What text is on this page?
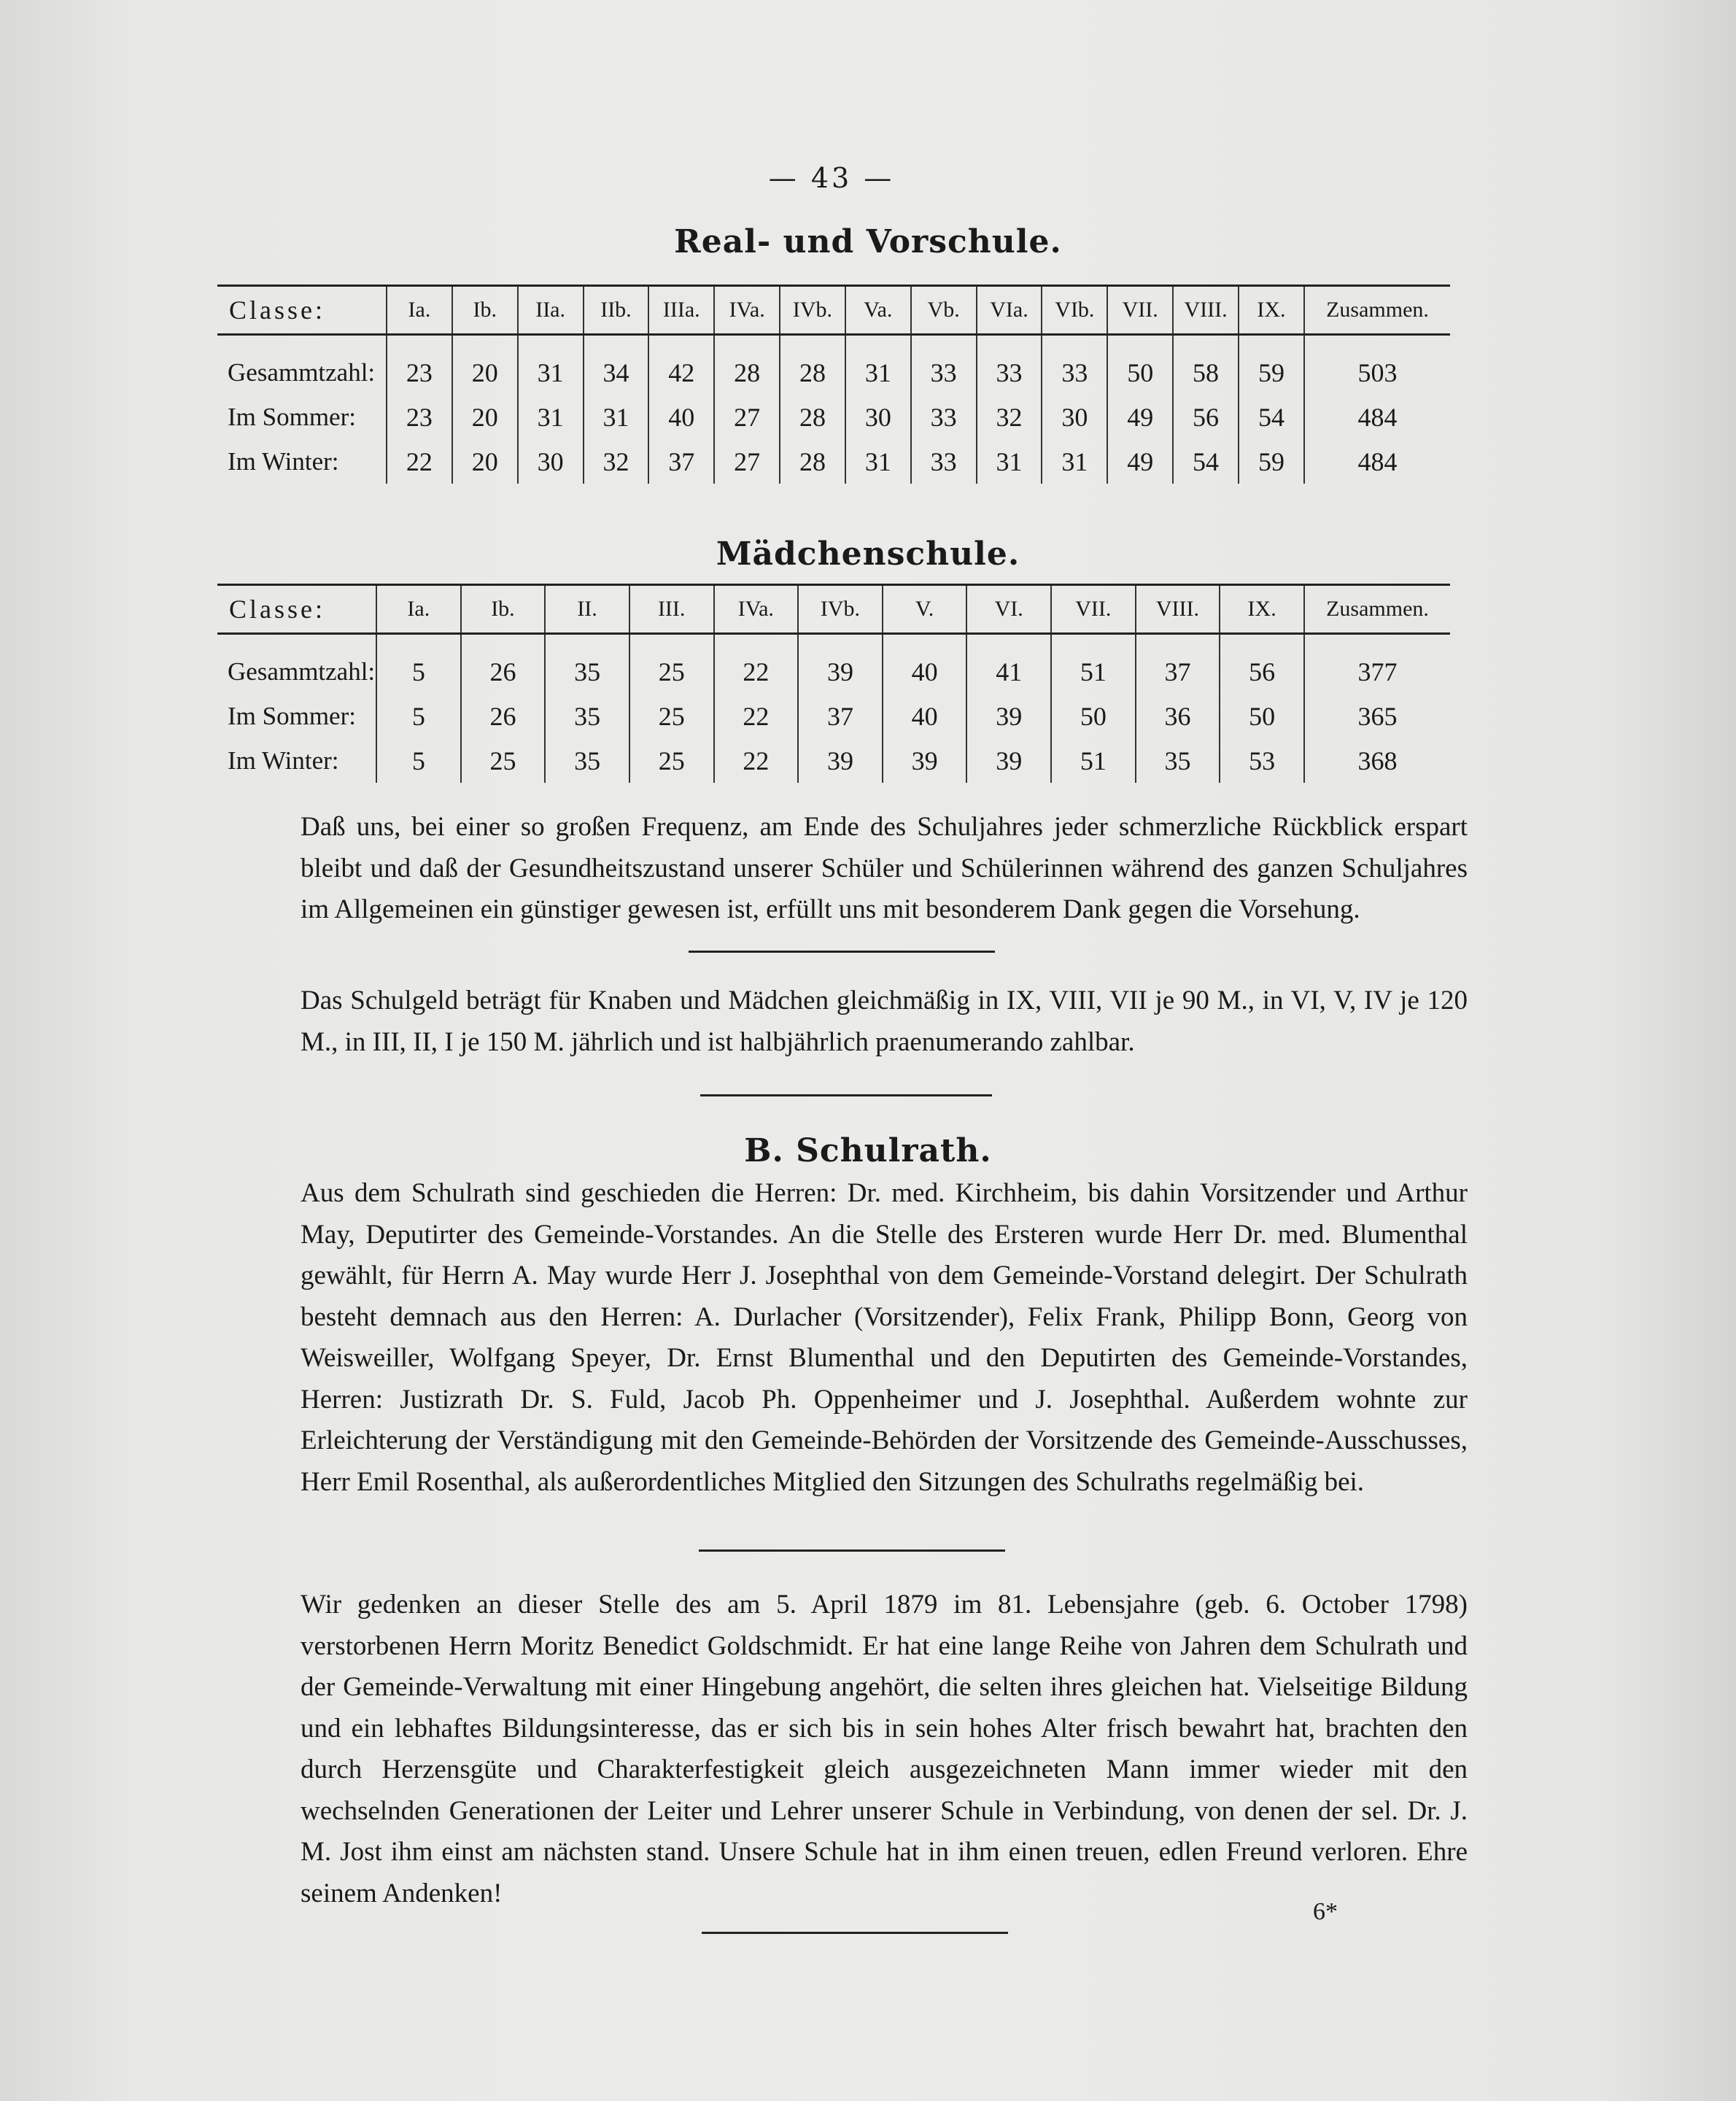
— 43 —
Real- und Vorschule.
Classe:	Ia.	Ib.	IIa.	IIb.	IIIa.	IVa.	IVb.	Va.	Vb.	VIa.	VIb.	VII.	VIII.	IX.	Zusammen.
Gesammtzahl:	23	20	31	34	42	28	28	31	33	33	33	50	58	59	503
Im Sommer:	23	20	31	31	40	27	28	30	33	32	30	49	56	54	484
Im Winter:	22	20	30	32	37	27	28	31	33	31	31	49	54	59	484
Mädchenschule.
Classe:	Ia.	Ib.	II.	III.	IVa.	IVb.	V.	VI.	VII.	VIII.	IX.	Zusammen.
Gesammtzahl:	5	26	35	25	22	39	40	41	51	37	56	377
Im Sommer:	5	26	35	25	22	37	40	39	50	36	50	365
Im Winter:	5	25	35	25	22	39	39	39	51	35	53	368

Daß uns, bei einer so großen Frequenz, am Ende des Schuljahres jeder schmerzliche Rückblick erspart bleibt und daß der Gesundheitszustand unserer Schüler und Schülerinnen während des ganzen Schuljahres im Allgemeinen ein günstiger gewesen ist, erfüllt uns mit besonderem Dank gegen die Vorsehung.

Das Schulgeld beträgt für Knaben und Mädchen gleichmäßig in IX, VIII, VII je 90 M., in VI, V, IV je 120 M., in III, II, I je 150 M. jährlich und ist halbjährlich praenumerando zahlbar.

B. Schulrath.

Aus dem Schulrath sind geschieden die Herren: Dr. med. Kirchheim, bis dahin Vorsitzender und Arthur May, Deputirter des Gemeinde-Vorstandes. An die Stelle des Ersteren wurde Herr Dr. med. Blumenthal gewählt, für Herrn A. May wurde Herr J. Josephthal von dem Gemeinde-Vorstand delegirt. Der Schulrath besteht demnach aus den Herren: A. Durlacher (Vorsitzender), Felix Frank, Philipp Bonn, Georg von Weisweiller, Wolfgang Speyer, Dr. Ernst Blumenthal und den Deputirten des Gemeinde-Vorstandes, Herren: Justizrath Dr. S. Fuld, Jacob Ph. Oppenheimer und J. Josephthal. Außerdem wohnte zur Erleichterung der Verständigung mit den Gemeinde-Behörden der Vorsitzende des Gemeinde-Ausschusses, Herr Emil Rosenthal, als außerordentliches Mitglied den Sitzungen des Schulraths regelmäßig bei.

Wir gedenken an dieser Stelle des am 5. April 1879 im 81. Lebensjahre (geb. 6. October 1798) verstorbenen Herrn Moritz Benedict Goldschmidt. Er hat eine lange Reihe von Jahren dem Schulrath und der Gemeinde-Verwaltung mit einer Hingebung angehört, die selten ihres gleichen hat. Vielseitige Bildung und ein lebhaftes Bildungsinteresse, das er sich bis in sein hohes Alter frisch bewahrt hat, brachten den durch Herzensgüte und Charakterfestigkeit gleich ausgezeichneten Mann immer wieder mit den wechselnden Generationen der Leiter und Lehrer unserer Schule in Verbindung, von denen der sel. Dr. J. M. Jost ihm einst am nächsten stand. Unsere Schule hat in ihm einen treuen, edlen Freund verloren. Ehre seinem Andenken!

6*
